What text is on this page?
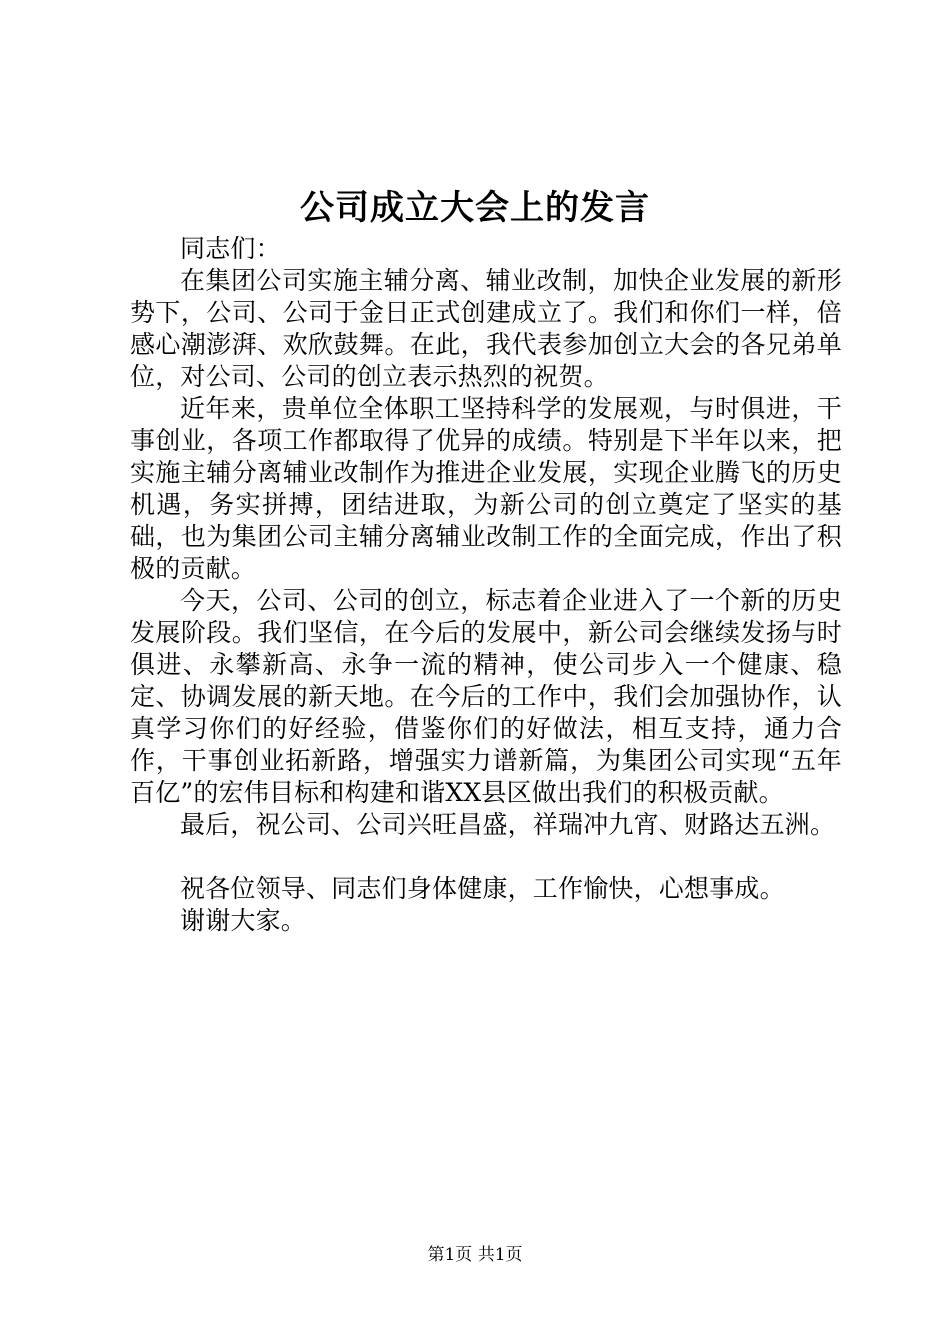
公司成立大会上的发言

同志们：

在集团公司实施主辅分离、辅业改制，加快企业发展的新形势下，公司、公司于金日正式创建成立了。我们和你们一样，倍感心潮澎湃、欢欣鼓舞。在此，我代表参加创立大会的各兄弟单位，对公司、公司的创立表示热烈的祝贺。

近年来，贵单位全体职工坚持科学的发展观，与时俱进，干事创业，各项工作都取得了优异的成绩。特别是下半年以来，把实施主辅分离辅业改制作为推进企业发展，实现企业腾飞的历史机遇，务实拼搏，团结进取，为新公司的创立奠定了坚实的基础，也为集团公司主辅分离辅业改制工作的全面完成，作出了积极的贡献。

今天，公司、公司的创立，标志着企业进入了一个新的历史发展阶段。我们坚信，在今后的发展中，新公司会继续发扬与时俱进、永攀新高、永争一流的精神，使公司步入一个健康、稳定、协调发展的新天地。在今后的工作中，我们会加强协作，认真学习你们的好经验，借鉴你们的好做法，相互支持，通力合作，干事创业拓新路，增强实力谱新篇，为集团公司实现“五年百亿”的宏伟目标和构建和谐XX县区做出我们的积极贡献。

最后，祝公司、公司兴旺昌盛，祥瑞冲九宵、财路达五洲。

祝各位领导、同志们身体健康，工作愉快，心想事成。

谢谢大家。

第1页 共1页
